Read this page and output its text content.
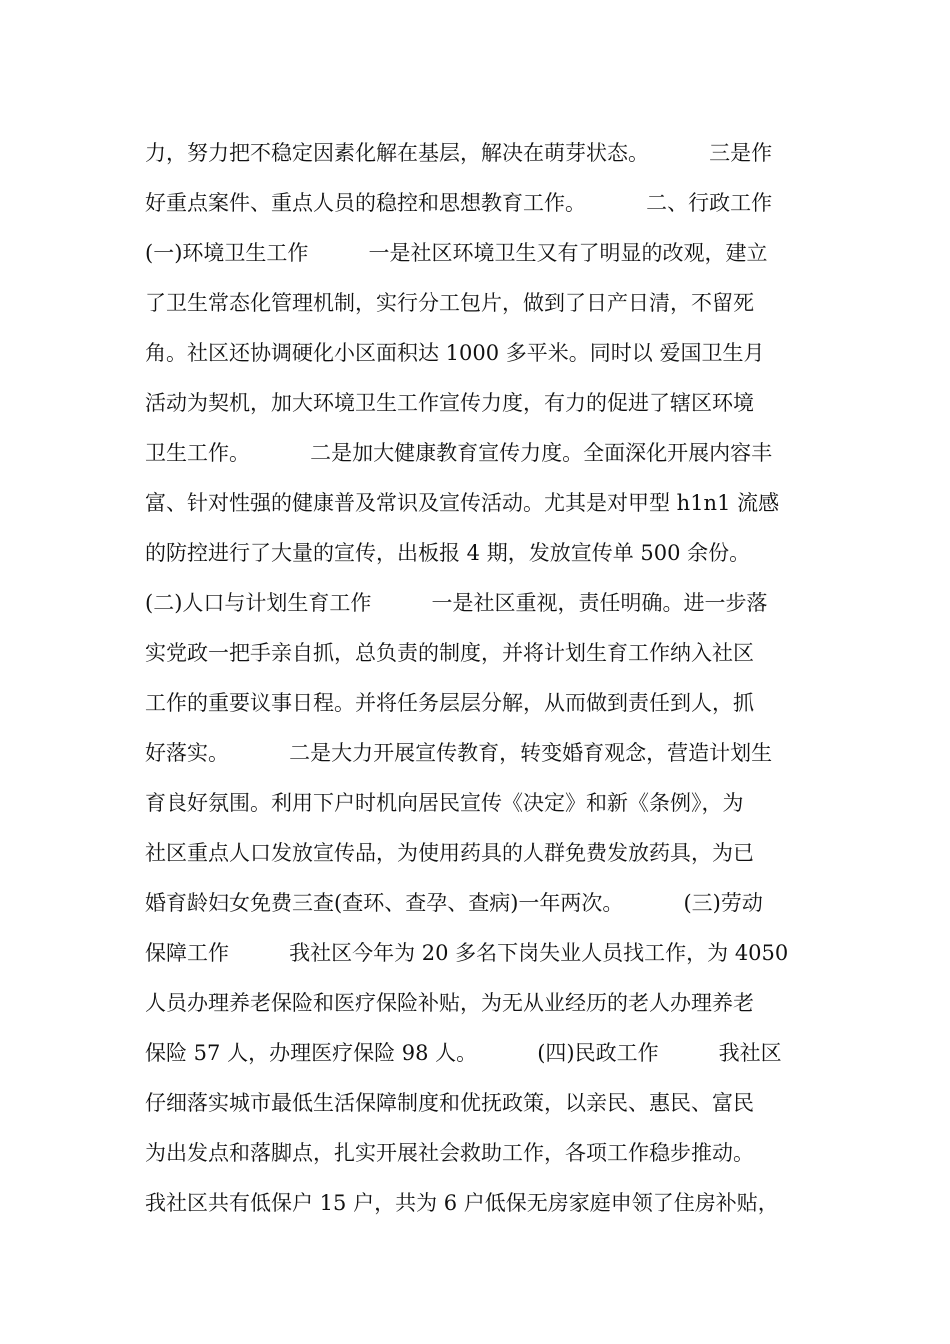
力，努力把不稳定因素化解在基层，解决在萌芽状态。         三是作
好重点案件、重点人员的稳控和思想教育工作。         二、行政工作
(一)环境卫生工作         一是社区环境卫生又有了明显的改观，建立
了卫生常态化管理机制，实行分工包片，做到了日产日清，不留死
角。社区还协调硬化小区面积达 1000 多平米。同时以 爱国卫生月
活动为契机，加大环境卫生工作宣传力度，有力的促进了辖区环境
卫生工作。         二是加大健康教育宣传力度。全面深化开展内容丰
富、针对性强的健康普及常识及宣传活动。尤其是对甲型 h1n1 流感
的防控进行了大量的宣传，出板报 4 期，发放宣传单 500 余份。
(二)人口与计划生育工作         一是社区重视，责任明确。进一步落
实党政一把手亲自抓，总负责的制度，并将计划生育工作纳入社区
工作的重要议事日程。并将任务层层分解，从而做到责任到人，抓
好落实。         二是大力开展宣传教育，转变婚育观念，营造计划生
育良好氛围。利用下户时机向居民宣传《决定》和新《条例》，为
社区重点人口发放宣传品，为使用药具的人群免费发放药具，为已
婚育龄妇女免费三查(查环、查孕、查病)一年两次。         (三)劳动
保障工作         我社区今年为 20 多名下岗失业人员找工作，为 4050
人员办理养老保险和医疗保险补贴，为无从业经历的老人办理养老
保险 57 人，办理医疗保险 98 人。         (四)民政工作         我社区
仔细落实城市最低生活保障制度和优抚政策，以亲民、惠民、富民
为出发点和落脚点，扎实开展社会救助工作，各项工作稳步推动。
我社区共有低保户 15 户，共为 6 户低保无房家庭申领了住房补贴，
